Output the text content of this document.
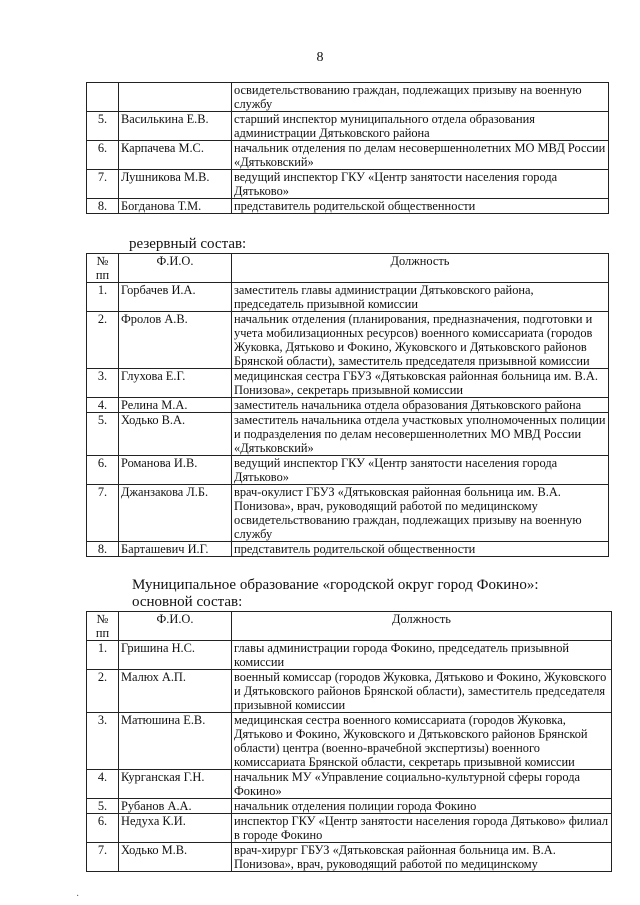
8
		освидетельствованию граждан, подлежащих призыву на военную службу
5.	Василькина Е.В.	старший инспектор муниципального отдела образования администрации Дятьковского района
6.	Карпачева М.С.	начальник отделения по делам несовершеннолетних МО МВД России «Дятьковский»
7.	Лушникова М.В.	ведущий инспектор ГКУ «Центр занятости населения города Дятьково»
8.	Богданова Т.М.	представитель родительской общественности
резервный состав:
№ пп	Ф.И.О.	Должность
1.	Горбачев И.А.	заместитель главы администрации Дятьковского района, председатель призывной комиссии
2.	Фролов А.В.	начальник отделения (планирования, предназначения, подготовки и учета мобилизационных ресурсов) военного комиссариата (городов Жуковка, Дятьково и Фокино, Жуковского и Дятьковского районов Брянской области), заместитель председателя призывной комиссии
3.	Глухова Е.Г.	медицинская сестра ГБУЗ «Дятьковская районная больница им. В.А. Понизова», секретарь призывной комиссии
4.	Релина М.А.	заместитель начальника отдела образования Дятьковского района
5.	Ходько В.А.	заместитель начальника отдела участковых уполномоченных полиции и подразделения по делам несовершеннолетних МО МВД России «Дятьковский»
6.	Романова И.В.	ведущий инспектор ГКУ «Центр занятости населения города Дятьково»
7.	Джанзакова Л.Б.	врач-окулист ГБУЗ «Дятьковская районная больница им. В.А. Понизова», врач, руководящий работой по медицинскому освидетельствованию граждан, подлежащих призыву на военную службу
8.	Барташевич И.Г.	представитель родительской общественности
Муниципальное образование «городской округ город Фокино»:
основной состав:
№ пп	Ф.И.О.	Должность
1.	Гришина Н.С.	главы администрации города Фокино, председатель призывной комиссии
2.	Малюх А.П.	военный комиссар (городов Жуковка, Дятьково и Фокино, Жуковского и Дятьковского районов Брянской области), заместитель председателя призывной комиссии
3.	Матюшина Е.В.	медицинская сестра военного комиссариата (городов Жуковка, Дятьково и Фокино, Жуковского и Дятьковского районов Брянской области) центра (военно-врачебной экспертизы) военного комиссариата Брянской области, секретарь призывной комиссии
4.	Курганская Г.Н.	начальник МУ «Управление социально-культурной сферы города Фокино»
5.	Рубанов А.А.	начальник отделения полиции города Фокино
6.	Недуха К.И.	инспектор ГКУ «Центр занятости населения города Дятьково» филиал в городе Фокино
7.	Ходько М.В.	врач-хирург ГБУЗ «Дятьковская районная больница им. В.А. Понизова», врач, руководящий работой по медицинскому
·
